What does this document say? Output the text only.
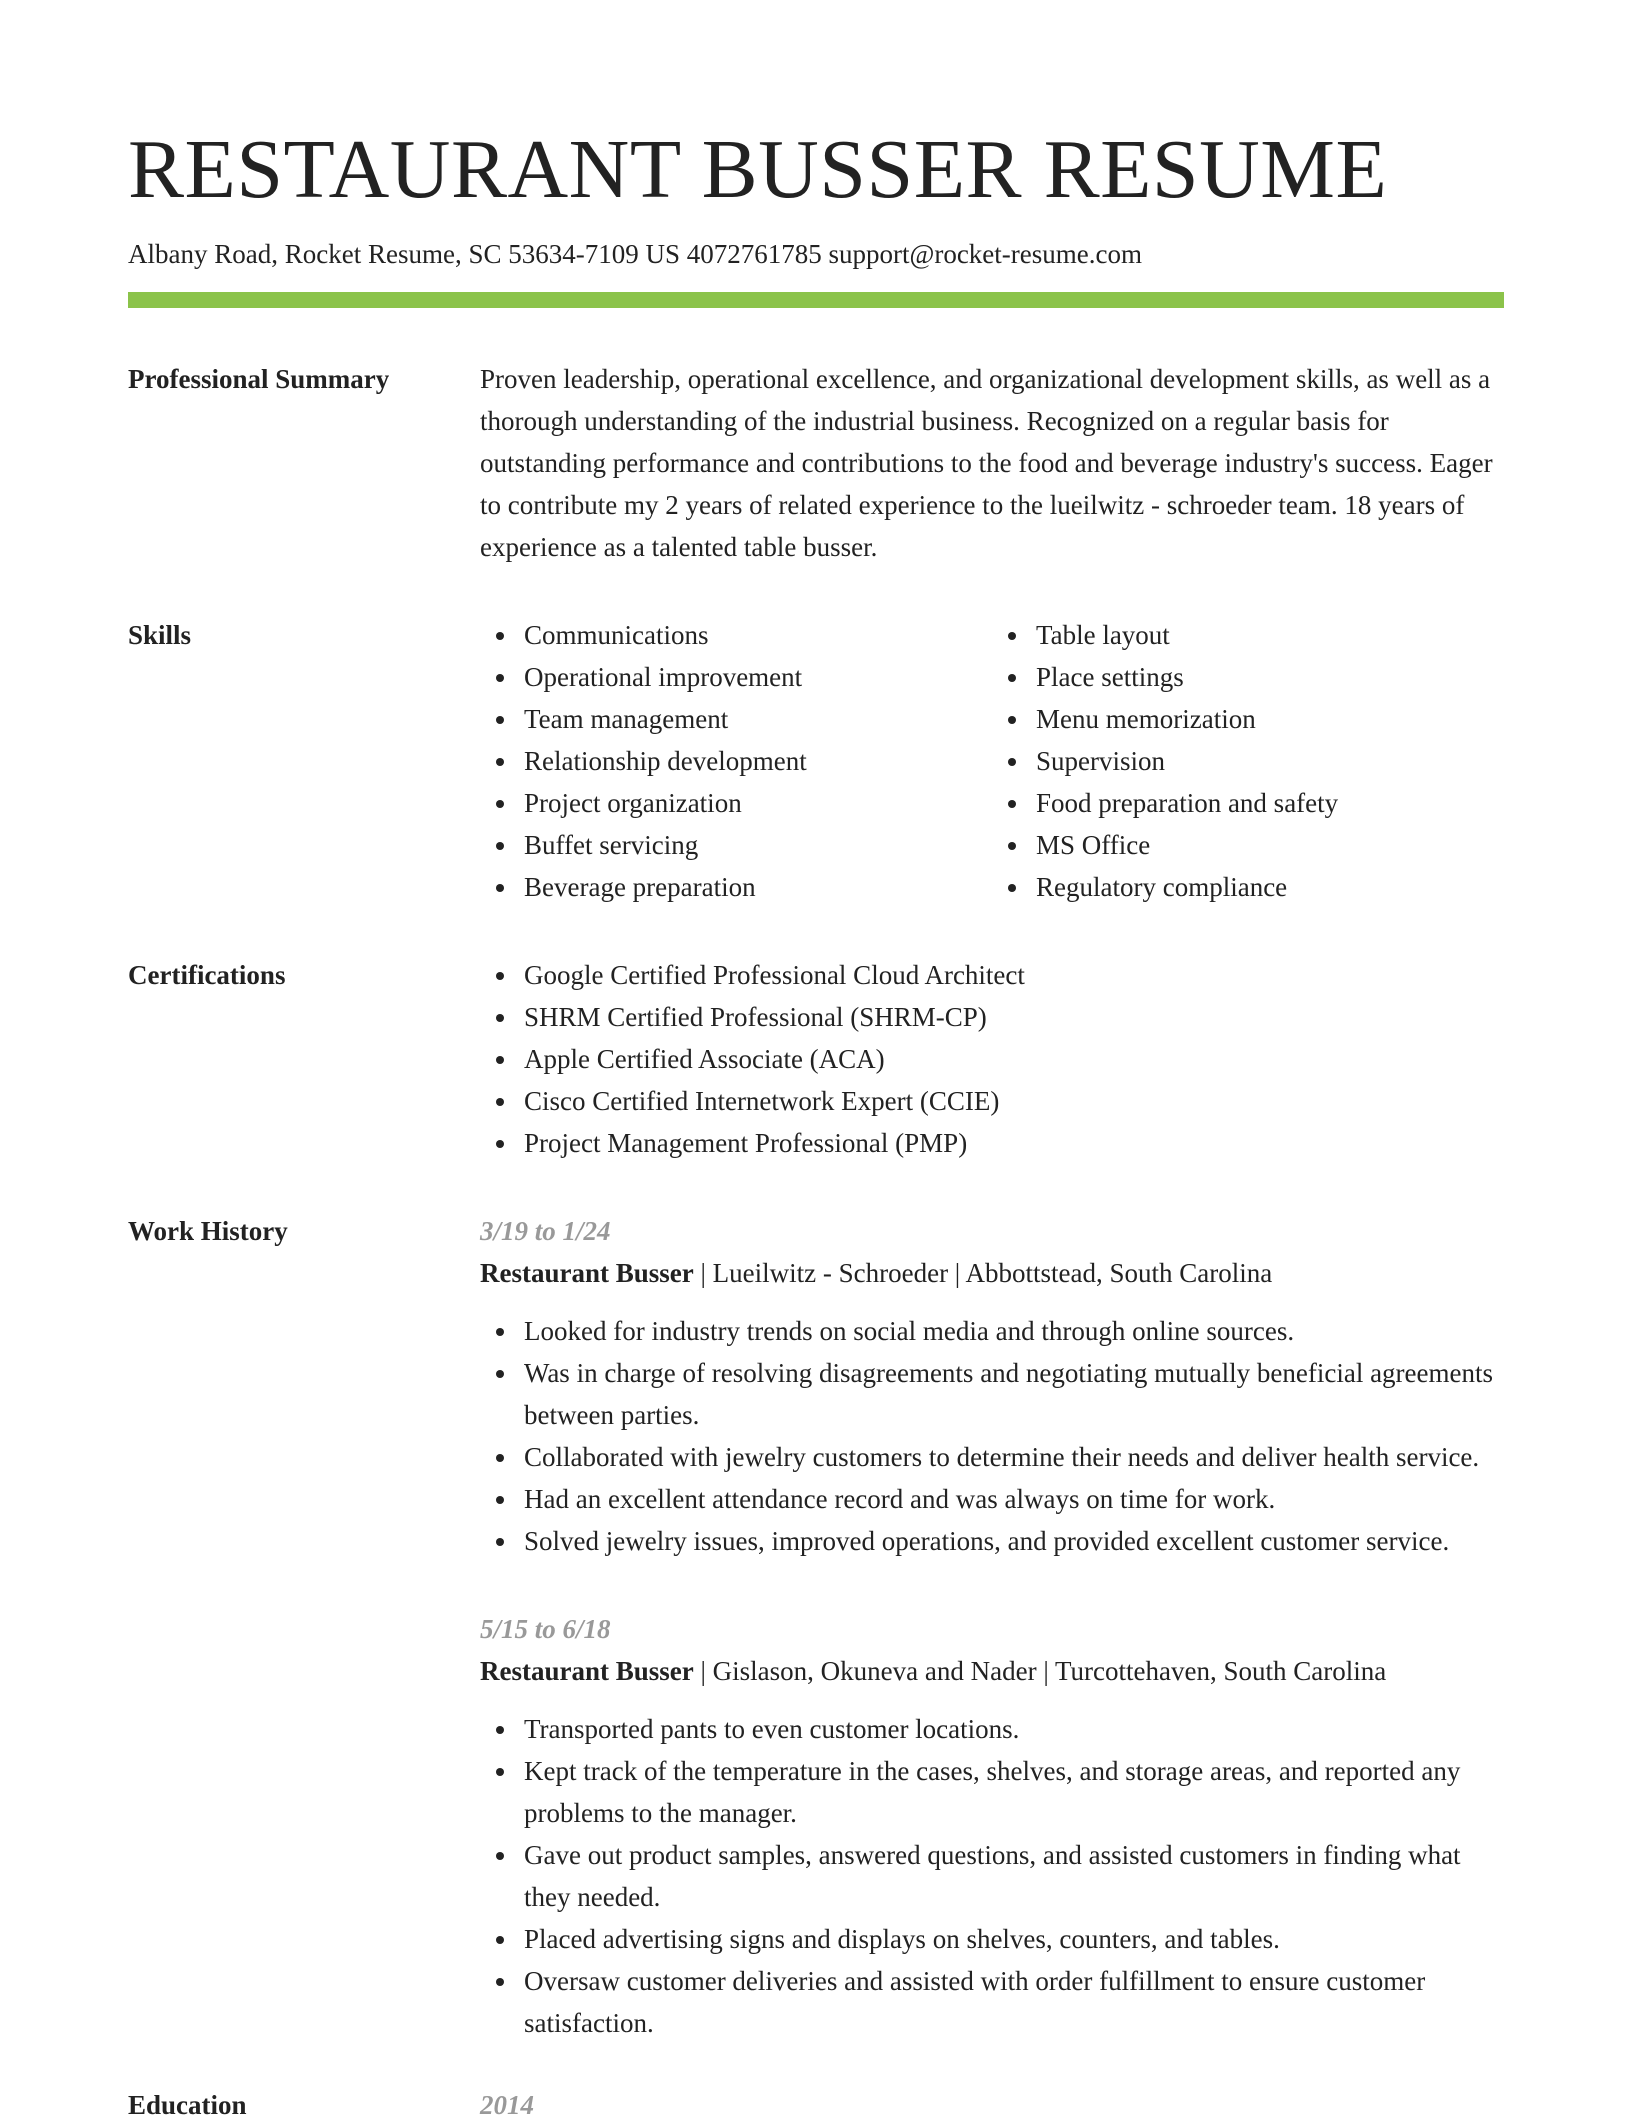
RESTAURANT BUSSER RESUME
Albany Road, Rocket Resume, SC 53634-7109 US 4072761785 support@rocket-resume.com
Professional Summary	Proven leadership, operational excellence, and organizational development skills, as well as a thorough understanding of the industrial business. Recognized on a regular basis for outstanding performance and contributions to the food and beverage industry's success. Eager to contribute my 2 years of related experience to the lueilwitz - schroeder team. 18 years of experience as a talented table busser.

Skills	Communications
Operational improvement
Team management
Relationship development
Project organization
Buffet servicing
Beverage preparation
Table layout
Place settings
Menu memorization
Supervision
Food preparation and safety
MS Office
Regulatory compliance
Certifications	Google Certified Professional Cloud Architect
SHRM Certified Professional (SHRM-CP)
Apple Certified Associate (ACA)
Cisco Certified Internetwork Expert (CCIE)
Project Management Professional (PMP)
Work History	3/19 to 1/24
Restaurant Busser | Lueilwitz - Schroeder | Abbottstead, South Carolina
Looked for industry trends on social media and through online sources.
Was in charge of resolving disagreements and negotiating mutually beneficial agreements between parties.
Collaborated with jewelry customers to determine their needs and deliver health service.
Had an excellent attendance record and was always on time for work.
Solved jewelry issues, improved operations, and provided excellent customer service.
5/15 to 6/18
Restaurant Busser | Gislason, Okuneva and Nader | Turcottehaven, South Carolina
Transported pants to even customer locations.
Kept track of the temperature in the cases, shelves, and storage areas, and reported any problems to the manager.
Gave out product samples, answered questions, and assisted customers in finding what they needed.
Placed advertising signs and displays on shelves, counters, and tables.
Oversaw customer deliveries and assisted with order fulfillment to ensure customer satisfaction.
Education	2014
